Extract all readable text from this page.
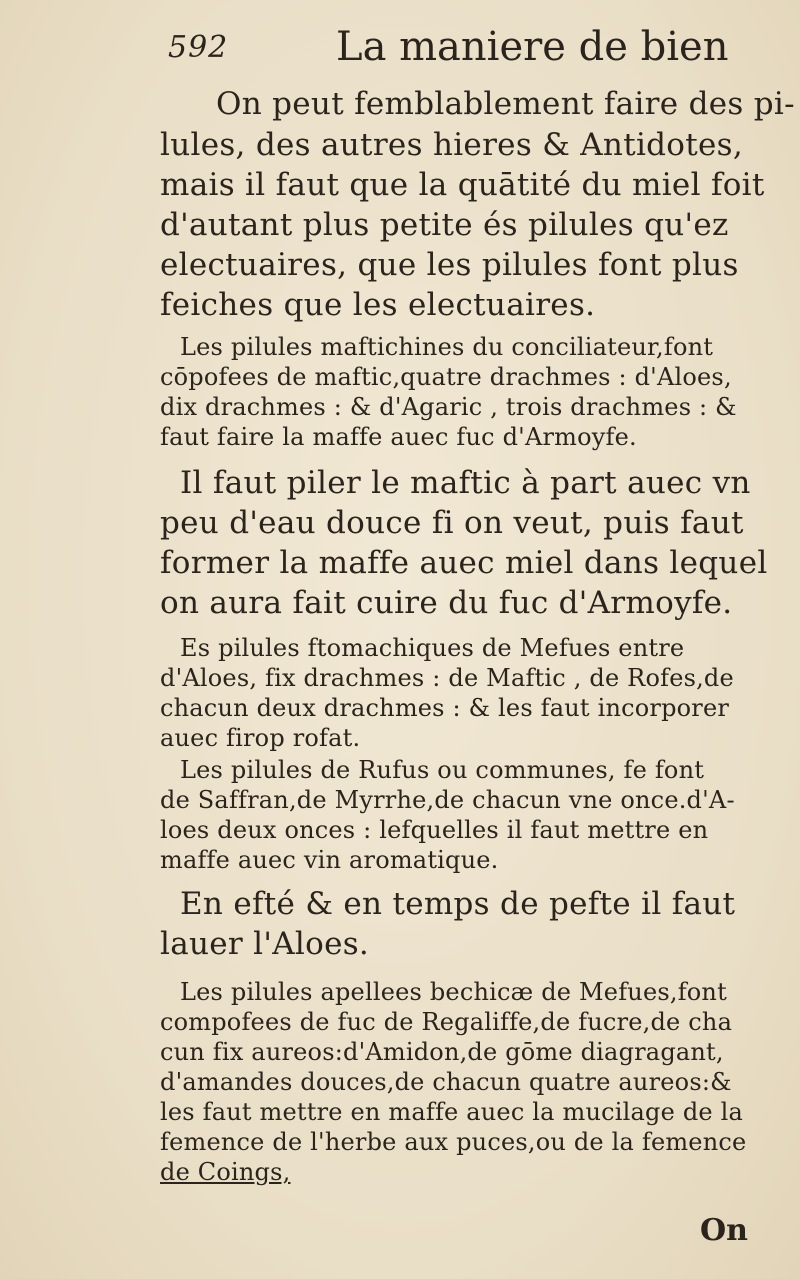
592	La maniere de bien
On peut femblablement faire des pi-
lules, des autres hieres & Antidotes,
mais il faut que la quātité du miel foit
d'autant plus petite és pilules qu'ez
electuaires, que les pilules font plus
feiches que les electuaires.
Les pilules maftichines du conciliateur,font
cōpofees de maftic,quatre drachmes : d'Aloes,
dix drachmes : & d'Agaric , trois drachmes : &
faut faire la maffe auec fuc d'Armoyfe.
Il faut piler le maftic à part auec vn
peu d'eau douce fi on veut, puis faut
former la maffe auec miel dans lequel
on aura fait cuire du fuc d'Armoyfe.
Es pilules ftomachiques de Mefues entre
d'Aloes, fix drachmes : de Maftic , de Rofes,de
chacun deux drachmes : & les faut incorporer
auec firop rofat.
Les pilules de Rufus ou communes, fe font
de Saffran,de Myrrhe,de chacun vne once.d'A-
loes deux onces : lefquelles il faut mettre en
maffe auec vin aromatique.
En efté & en temps de pefte il faut
lauer l'Aloes.
Les pilules apellees bechicæ de Mefues,font
compofees de fuc de Regaliffe,de fucre,de cha
cun fix aureos:d'Amidon,de gōme diagragant,
d'amandes douces,de chacun quatre aureos:&
les faut mettre en maffe auec la mucilage de la
femence de l'herbe aux puces,ou de la femence
de Coings,
On
